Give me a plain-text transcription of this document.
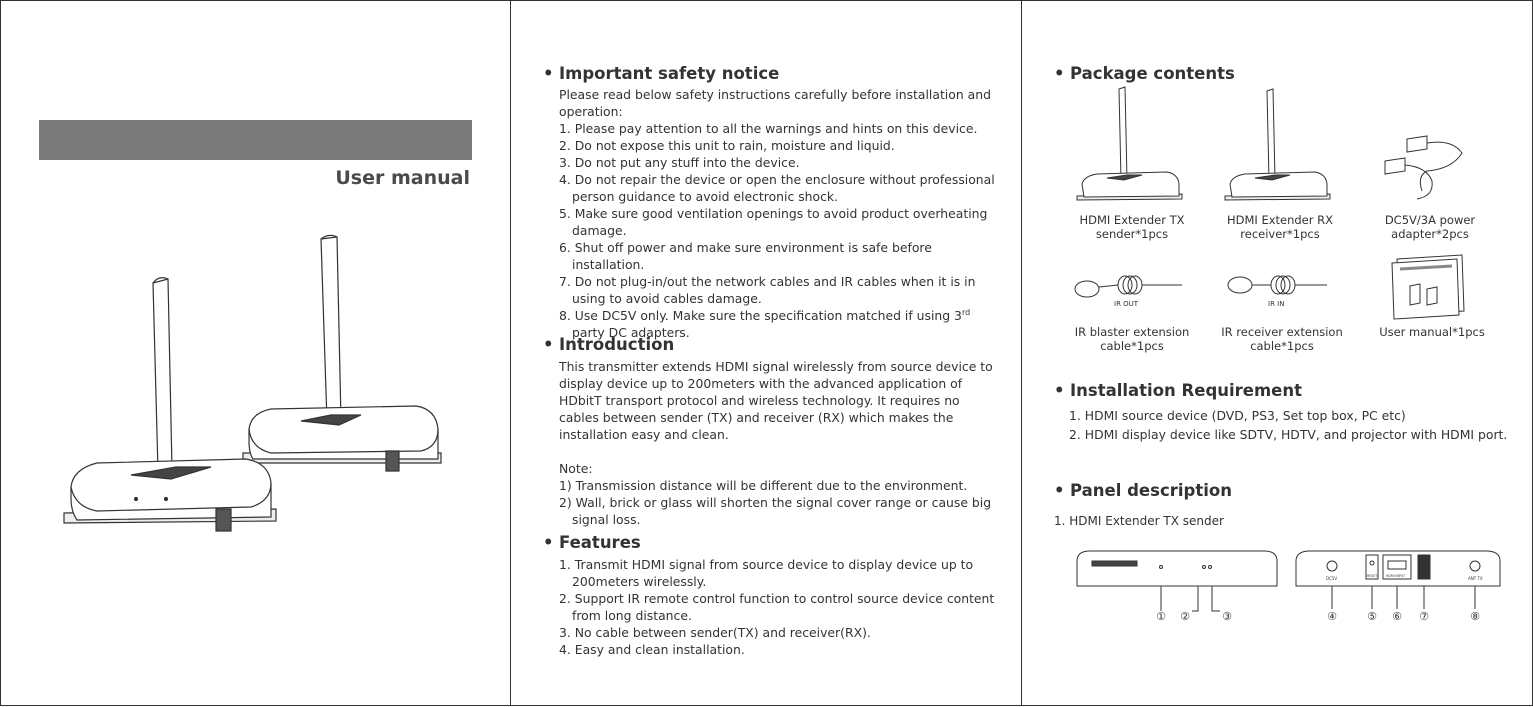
User manual
• Important safety notice

Please read below safety instructions carefully before installation and operation:

1. Please pay attention to all the warnings and hints on this device.

2. Do not expose this unit to rain, moisture and liquid.

3. Do not put any stuff into the device.

4. Do not repair the device or open the enclosure without professional person guidance to avoid electronic shock.

5. Make sure good ventilation openings to avoid product overheating damage.

6. Shut off power and make sure environment is safe before installation.

7. Do not plug-in/out the network cables and IR cables when it is in using to avoid cables damage.

8. Use DC5V only. Make sure the specification matched if using 3rd party DC adapters.

• Introduction

This transmitter extends HDMI signal wirelessly from source device to display device up to 200meters with the advanced application of HDbitT transport protocol and wireless technology. It requires no cables between sender (TX) and receiver (RX) which makes the installation easy and clean.

Note:

1) Transmission distance will be different due to the environment.

2) Wall, brick or glass will shorten the signal cover range or cause big signal loss.

• Features

1. Transmit HDMI signal from source device to display device up to 200meters wirelessly.

2. Support IR remote control function to control source device content from long distance.

3. No cable between sender(TX) and receiver(RX).

4. Easy and clean installation.

• Package contents
IR OUT	IR IN
HDMI Extender TX
sender*1pcs
HDMI Extender RX
receiver*1pcs
DC5V/3A power
adapter*2pcs
IR blaster extension
cable*1pcs
IR receiver extension
cable*1pcs
User manual*1pcs
• Installation Requirement
1. HDMI source device (DVD, PS3, Set top box, PC etc)
2. HDMI display device like SDTV, HDTV, and projector with HDMI port.
• Panel description
1. HDMI Extender TX sender
DC5V	RESET	HDMI INPUT	ANT TX
① ②	③	④	⑤ ⑥ ⑦	⑧
